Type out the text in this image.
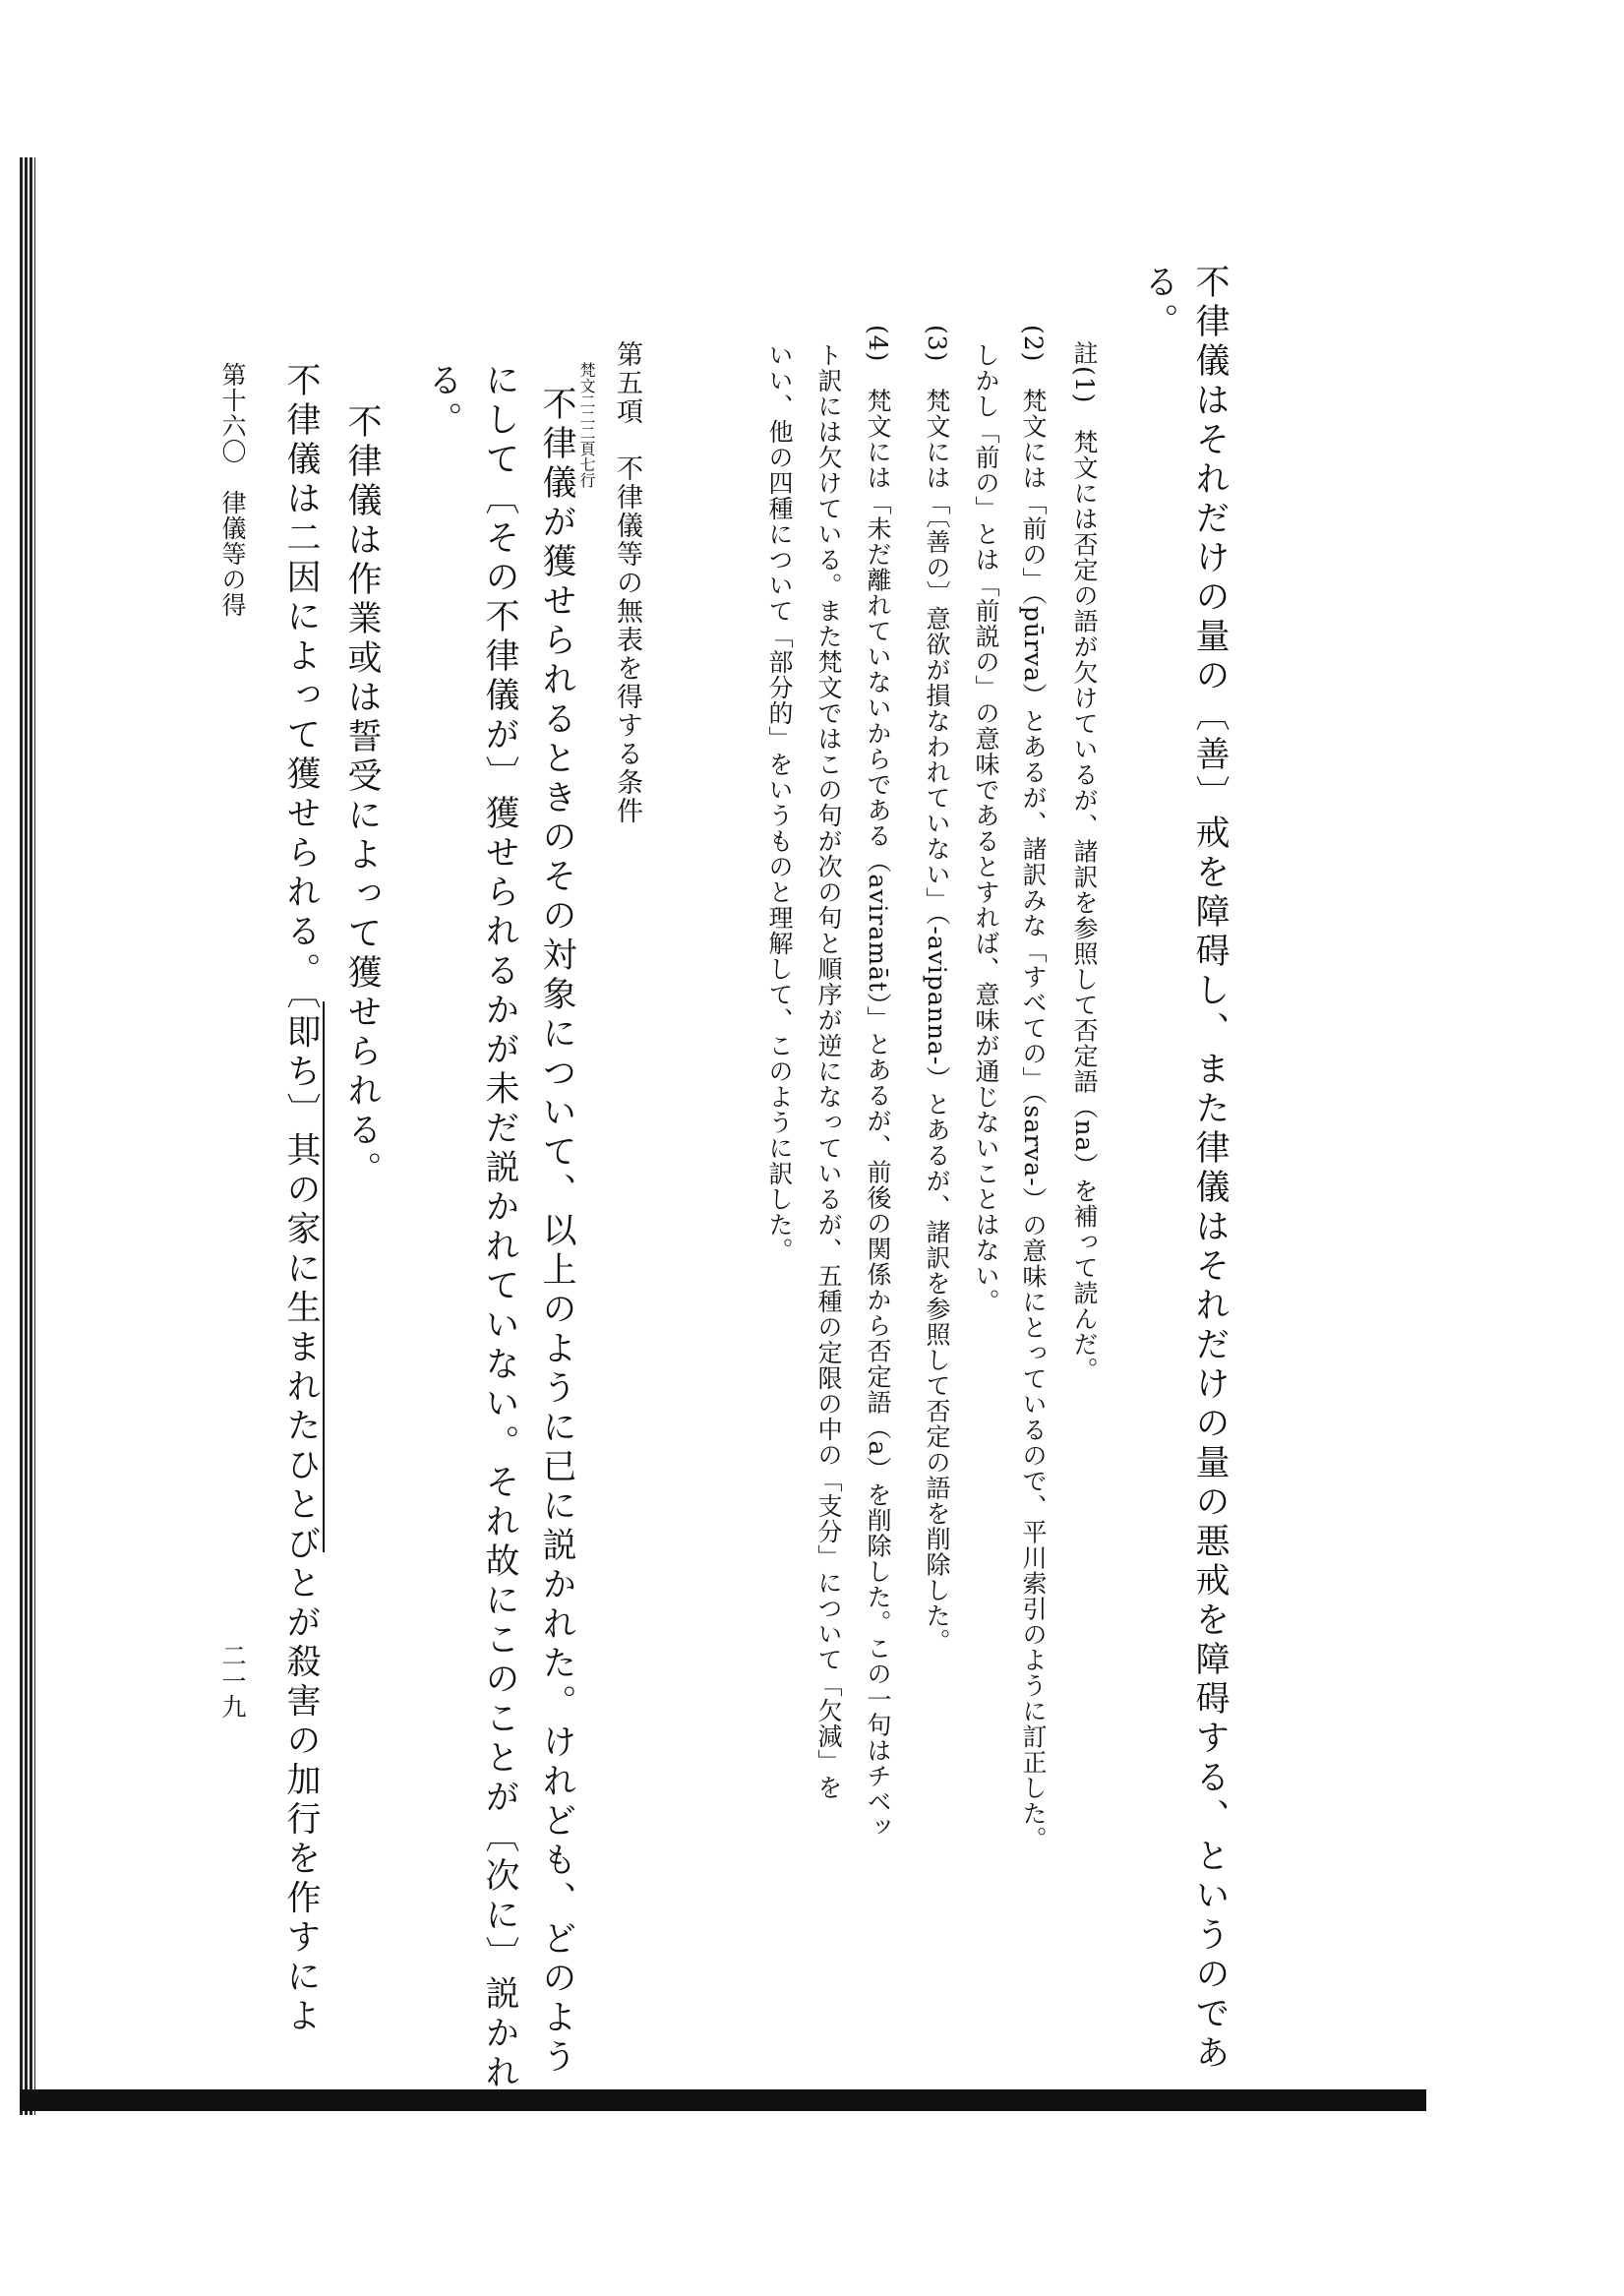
不律儀はそれだけの量の〔善〕戒を障碍し、また律儀はそれだけの量の悪戒を障碍する、というのであ
る。
註(1)　梵文には否定の語が欠けているが、諸訳を参照して否定語（na）を補って読んだ。
(2)　梵文には「前の」（pūrva）とあるが、諸訳みな「すべての」（sarva-）の意味にとっているので、平川索引のように訂正した。
しかし「前の」とは「前説の」の意味であるとすれば、意味が通じないことはない。
(3)　梵文には「〔善の〕意欲が損なわれていない」（-avipanna-）とあるが、諸訳を参照して否定の語を削除した。
(4)　梵文には「未だ離れていないからである（aviramāt）」とあるが、前後の関係から否定語（a）を削除した。この一句はチベッ
ト訳には欠けている。また梵文ではこの句が次の句と順序が逆になっているが、五種の定限の中の「支分」について「欠減」を
いい、他の四種について「部分的」をいうものと理解して、このように訳した。
第五項　不律儀等の無表を得する条件
梵文二二二頁七行
不律儀が獲せられるときのその対象について、以上のように已に説かれた。けれども、どのよう
にして〔その不律儀が〕獲せられるかが未だ説かれていない。それ故にこのことが〔次に〕説かれ
る。
不律儀は作業或は誓受によって獲せられる。
不律儀は二因によって獲せられる。〔即ち〕其の家に生まれたひとびとが殺害の加行を作すによ
第十六〇　律儀等の得
二一九
